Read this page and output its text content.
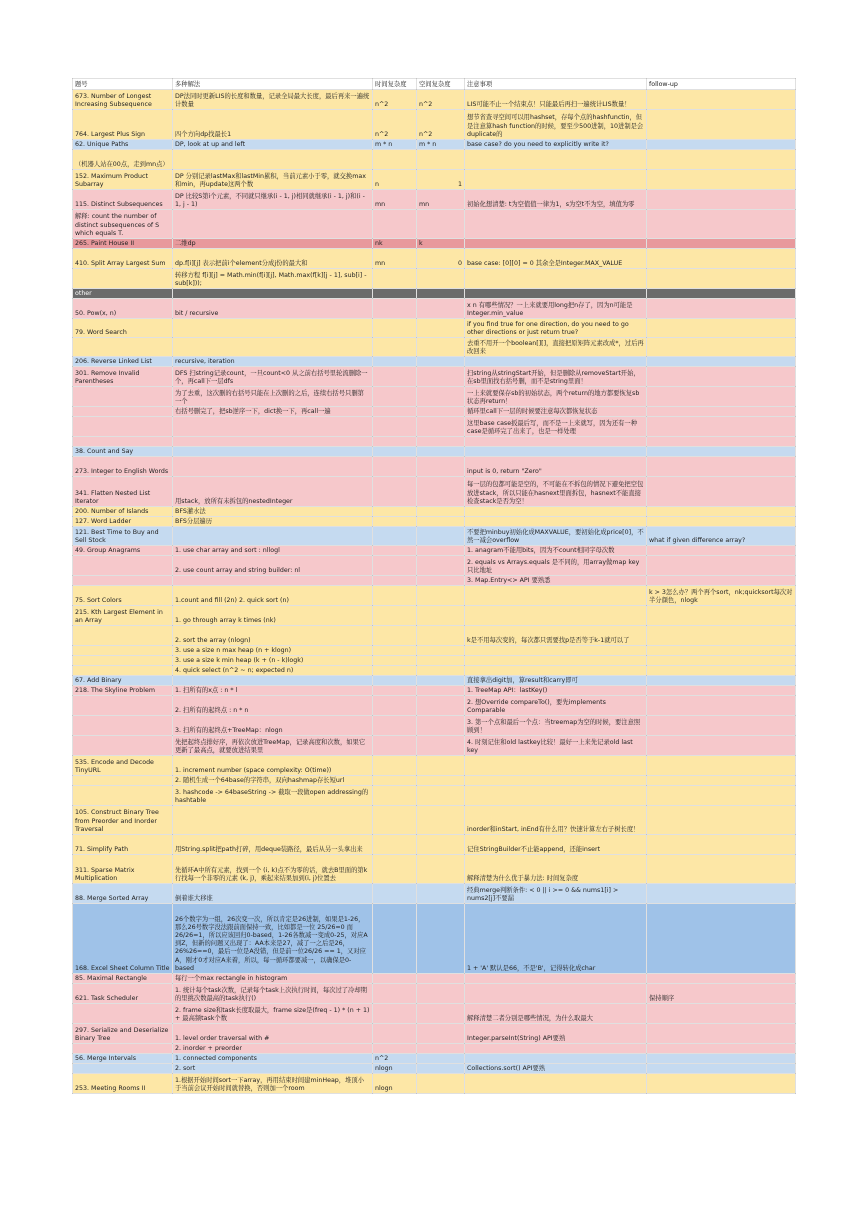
题号	多种解法	时间复杂度	空间复杂度	注意事项	follow-up
673. Number of Longest Increasing Subsequence	DP法同时更新LIS的长度和数量，记录全局最大长度，最后再来一遍统计数量	n^2	n^2	LIS可能不止一个结束点！只能最后再扫一遍统计LIS数量！	
764. Largest Plus Sign	四个方向dp找最长1	n^2	n^2	想节省查寻空间可以用hashset，存每个点的hashfunctin，但是注意算hash function的时候，要至少500进制，10进制是会duplicate的	
62. Unique Paths	DP, look at up and left	m * n	m * n	base case? do you need to explicitly write it?	
（机器人站在00点，走到mn点）					
152. Maximum Product Subarray	DP 分别记录lastMax和lastMin累积，当前元素小于零，就交换max和min，再update这两个数	n	1		
115. Distinct Subsequences	DP 比较S第i个元素，不同就只继承(i - 1, j)相同就继承(i - 1, j)和(i - 1, j - 1)	mn	mn	初始化想清楚: t为空值值一律为1，s为空t不为空，填值为零	
解释: count the number of distinct subsequences of S which equals T.					
265. Paint House II	二维dp	nk	k		
410. Split Array Largest Sum	dp.f[i][j] 表示把前i个element分成j份的最大和	mn	0	base case: [0][0] = 0 其余全是Integer.MAX_VALUE	
	转移方程 f[i][j] = Math.min(f[i][j], Math.max(f[k][j - 1], sub[i] - sub[k]));				
other					
50. Pow(x, n)	bit / recursive			x n 有哪些情况？一上来就要用long把n存了，因为n可能是Integer.min_value	
79. Word Search				if you find true for one direction, do you need to go other directions or just return true?	
				去重不用开一个boolean[][]，直接把原矩阵元素改成*，过后再改回来	
206. Reverse Linked List	recursive, iteration				
301. Remove Invalid Parentheses	DFS 扫string记录count，一旦count<0 从之前右括号里轮流删除一个，再call下一层dfs			扫string从stringStart开始，但是删除从removeStart开始，在sb里面找右括号删，而不是string里面！	
	为了去重，这次删的右括号只能在上次删的之后，连续右括号只删第一个			一上来就要保存sb的初始状态，两个return的地方都要恢复sb状态再return！	
	右括号删完了，把sb逆序一下，dict换一下，再call一遍			循环里call下一层的时候要注意每次都恢复状态	
				这里base case扳最后写，而不是一上来就写，因为还有一种case是循环完了出来了，也是一样处理	

38. Count and Say					
273. Integer to English Words				input is 0, return "Zero"	
341. Flatten Nested List Iterator	用stack，放所有未拆包的nestedInteger			每一层的包都可能是空的，不可能在不拆包的情况下避免把空包放进stack，所以只能在hasnext里面拆包，hasnext不能直接检查stack是否为空！	
200. Number of Islands	BFS灌水法				
127. Word Ladder	BFS分层遍历				
121. Best Time to Buy and Sell Stock				不要把minbuy初始化成MAXVALUE，要初始化成price[0]，不然一减会overflow	what if given difference array?
49. Group Anagrams	1. use char array and sort : nllogl			1. anagram不能用bits，因为不count相同字母次数	
	2. use count array and string builder: nl			2. equals vs Arrays.equals 是不同的，用array做map key只比地址	
				3. Map.Entry<> API 要熟悉	
75. Sort Colors	1.count and fill (2n) 2. quick sort (n)				k > 3怎么办？两个再个sort，nk;quicksort每次对半分颜色，nlogk
215. Kth Largest Element in an Array	1. go through array k times (nk)				
	2. sort the array (nlogn)			k是不用每次变的，每次都只需要找p是否等于k-1就可以了	
	3. use a size n max heap (n + klogn)				
	3. use a size k min heap (k + (n - k)logk)				
	4. quick select (n^2 ~ n; expected n)				
67. Add Binary				直接拿出digit加，算result和carry即可	
218. The Skyline Problem	1. 扫所有的x点 : n * l			1. TreeMap API：lastKey()	
	2. 扫所有的起终点 : n * n			2. 想Override compareTo()，要先implements Comparable	
	3. 扫所有的起终点+TreeMap：nlogn			3. 第一个点和最后一个点：当treemap为空的时候，要注意照顾到！	
	先把起终点排好序，再依次放进TreeMap，记录高度和次数，如果它更新了最高点，就要放进结果里			4. 时刻记住和old lastkey比较！最好一上来先记录old last key	
535. Encode and Decode TinyURL	1. increment number (space complexity: O(time))				
	2. 随机生成一个64base的字符串，双向hashmap存长短url				
	3. hashcode -> 64baseString -> 截取一段做open addressing的hashtable				
105. Construct Binary Tree from Preorder and Inorder Traversal				inorder和inStart, inEnd有什么用？快速计算左右子树长度！	
71. Simplify Path	用String.split把path打碎，用deque装路径，最后从另一头拿出来			记住StringBuilder不止能append，还能insert	
311. Sparse Matrix Multiplication	先循环A中所有元素，找到一个 (i, k)点不为零的话，就去B里面的第k行找每一个非零的元素 (k, j)，乘起来结果加到(i, j)位置去			解释清楚为什么优于暴力法: 时间复杂度	
88. Merge Sorted Array	倒着谁大移谁			经典merge判断条件: < 0 || i >= 0 && nums1[i] > nums2[j]不要漏	
168. Excel Sheet Column Title	26个数字为一组，26次变一次，所以肯定是26进制，如果是1-26，那么26号数字没法跟前面保持一致，比如都是一位 25/26=0 而26/26=1，所以应该回归0-based，1-26各数减一变成0-25，对应A到Z，但新的问题又出现了：AA本来是27，减了一之后是26，26%26==0，最后一位是A没错，但是前一位26/26 == 1，又对应A，刚才0才对应A来着，所以，每一循环都要减一，以确保是0-based			1 + 'A' 默认是66，不是'B'，记得转化成char	
85. Maximal Rectangle	每行一个max rectangle in histogram				
621. Task Scheduler	1. 统计每个task次数，记录每个task上次执行时间，每次过了冷却期的里挑次数最高的task执行()				保持顺序
	2. frame size和task长度取最大，frame size是(freq - 1) * (n + 1) + 最高频task个数			解释清楚二者分别是哪些情况，为什么取最大	
297. Serialize and Deserialize Binary Tree	1. level order traversal with #			Integer.parseInt(String) API要熟	
	2. inorder + preorder				
56. Merge Intervals	1. connected components	n^2			
	2. sort	nlogn		Collections.sort() API要熟	
253. Meeting Rooms II	1.根据开始时间sort一下array，再用结束时间建minHeap，堆顶小于当前会议开始时间就替换，否则加一个room	nlogn			
